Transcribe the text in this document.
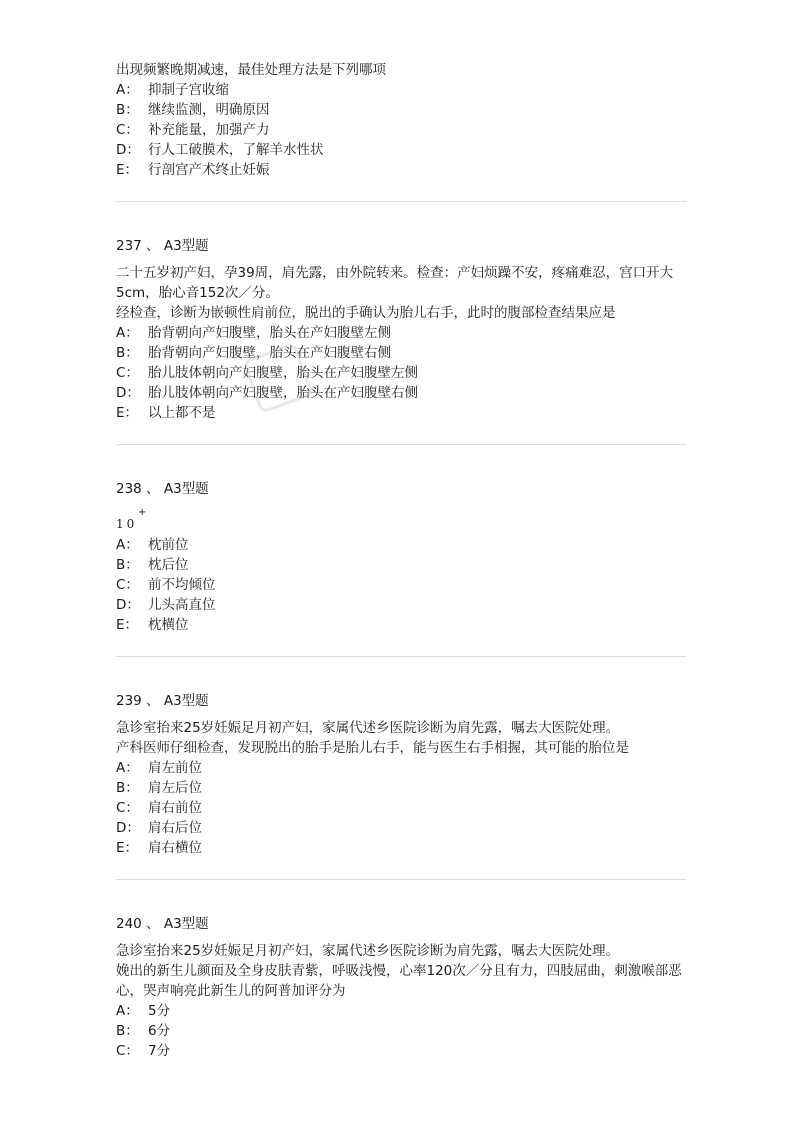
出现频繁晚期减速，最佳处理方法是下列哪项
A： 抑制子宫收缩
B： 继续监测，明确原因
C： 补充能量，加强产力
D： 行人工破膜术，了解羊水性状
E： 行剖宫产术终止妊娠
237 、 A3型题
二十五岁初产妇，孕39周，肩先露，由外院转来。检查：产妇烦躁不安，疼痛难忍，宫口开大5cm，胎心音152次／分。
经检查，诊断为嵌顿性肩前位，脱出的手确认为胎儿右手，此时的腹部检查结果应是
A： 胎背朝向产妇腹壁，胎头在产妇腹壁左侧
B： 胎背朝向产妇腹壁，胎头在产妇腹壁右侧
C： 胎儿肢体朝向产妇腹壁，胎头在产妇腹壁左侧
D： 胎儿肢体朝向产妇腹壁，胎头在产妇腹壁右侧
E： 以上都不是
238 、 A3型题
10
+
A： 枕前位
B： 枕后位
C： 前不均倾位
D： 儿头高直位
E： 枕横位
239 、 A3型题
急诊室抬来25岁妊娠足月初产妇，家属代述乡医院诊断为肩先露，嘱去大医院处理。
产科医师仔细检查，发现脱出的胎手是胎儿右手，能与医生右手相握，其可能的胎位是
A： 肩左前位
B： 肩左后位
C： 肩右前位
D： 肩右后位
E： 肩右横位
240 、 A3型题
急诊室抬来25岁妊娠足月初产妇，家属代述乡医院诊断为肩先露，嘱去大医院处理。
娩出的新生儿颜面及全身皮肤青紫，呼吸浅慢，心率120次／分且有力，四肢屈曲，刺激喉部恶心，哭声响亮此新生儿的阿普加评分为
A： 5分
B： 6分
C： 7分
